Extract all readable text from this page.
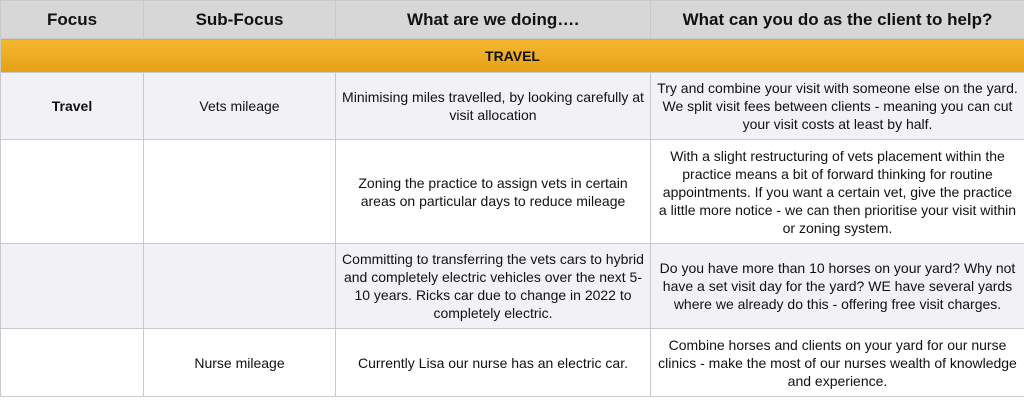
Focus	Sub-Focus	What are we doing….	What can you do as the client to help?
TRAVEL			
Travel	Vets mileage	Minimising miles travelled, by looking carefully at visit allocation	Try and combine your visit with someone else on the yard. We split visit fees between clients - meaning you can cut your visit costs at least by half.
		Zoning the practice to assign vets in certain areas on particular days to reduce mileage	With a slight restructuring of vets placement within the practice means a bit of forward thinking for routine appointments. If you want a certain vet, give the practice a little more notice - we can then prioritise your visit within or zoning system.
		Committing to transferring the vets cars to hybrid and completely electric vehicles over the next 5-10 years. Ricks car due to change in 2022 to completely electric.	Do you have more than 10 horses on your yard? Why not have a set visit day for the yard? WE have several yards where we already do this - offering free visit charges.
	Nurse mileage	Currently Lisa our nurse has an electric car.	Combine horses and clients on your yard for our nurse clinics - make the most of our nurses wealth of knowledge and experience.
